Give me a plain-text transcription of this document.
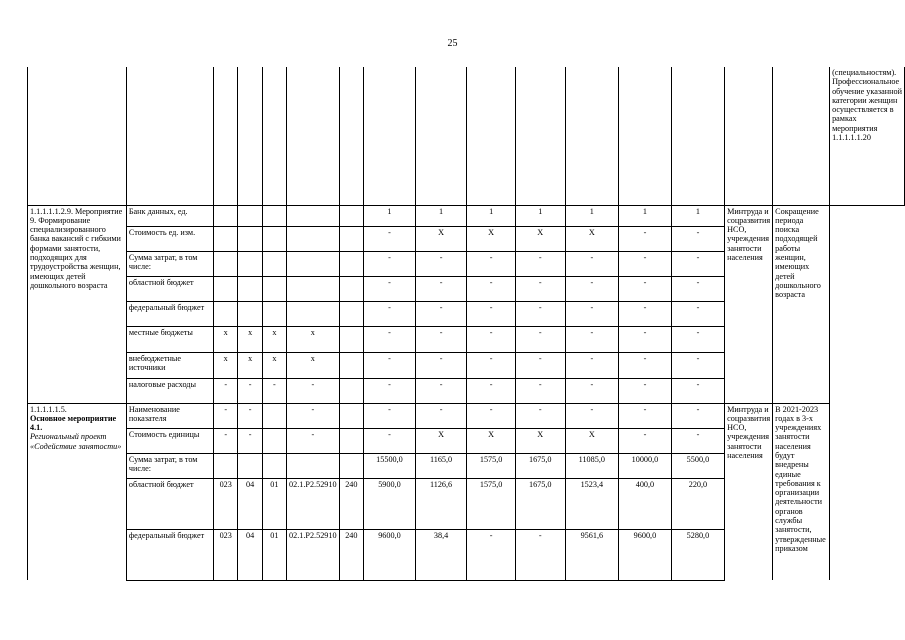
25
																(специальностям). Профессиональное обучение указанной категории женщин осуществляется в рамках мероприятия 1.1.1.1.1.20
1.1.1.1.1.2.9. Мероприятие 9. Формирование специализированного банка вакансий с гибкими формами занятости, подходящих для трудоустройства женщин, имеющих детей дошкольного возраста	Банк данных, ед.						1	1	1	1	1	1	1	Минтруда и соцразвития НСО, учреждения занятости населения	Сокращение периода поиска подходящей работы женщин, имеющих детей дошкольного возраста	
	Стоимость ед. изм.						-	X	X	X	X	-	-			
	Сумма затрат, в том числе:						-	-	-	-	-	-	-			
	областной бюджет						-	-	-	-	-	-	-			
	федеральный бюджет						-	-	-	-	-	-	-			
	местные бюджеты	х	х	х	х		-	-	-	-	-	-	-			
	внебюджетные источники	х	х	х	х		-	-	-	-	-	-	-			
	налоговые расходы	-	-	-	-		-	-	-	-	-	-	-			

1.1.1.1.1.5.
Основное мероприятие 4.1.
Региональный проект «Содействие занятости»	Наименование показателя	-	-		-		-	-	-	-	-	-	-	Минтруда и соцразвития НСО, учреждения занятости населения	В 2021-2023 годах в 3-х учреждениях занятости населения будут внедрены единые требования к организации деятельности органов службы занятости, утвержденные приказом	
	Стоимость единицы	-	-		-		-	X	X	X	X	-	-			
	Сумма затрат, в том числе:						15500,0	1165,0	1575,0	1675,0	11085,0	10000,0	5500,0			
	областной бюджет	023	04	01	02.1.P2.52910	240	5900,0	1126,6	1575,0	1675,0	1523,4	400,0	220,0			
	федеральный бюджет	023	04	01	02.1.P2.52910	240	9600,0	38,4	-	-	9561,6	9600,0	5280,0			
